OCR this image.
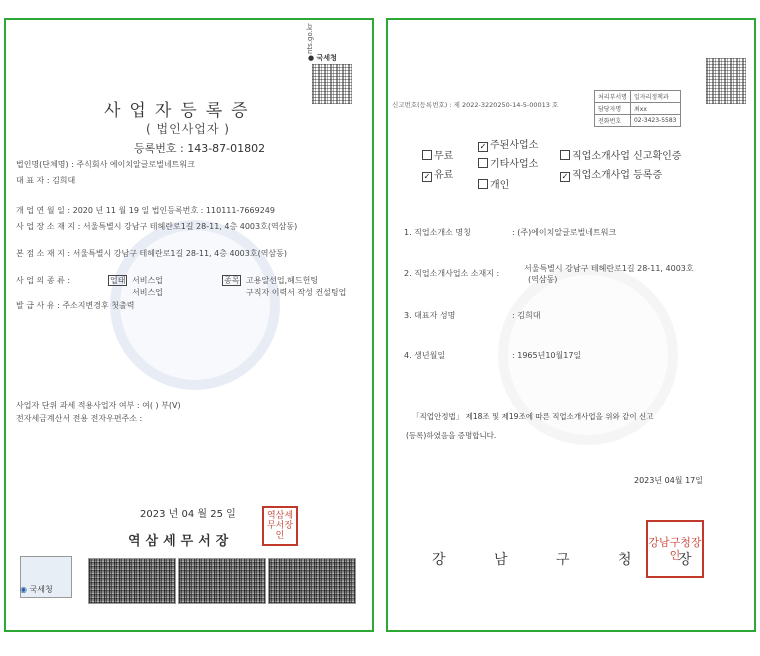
nts.go.kr
● 국세청
사업자등록증
( 법인사업자 )
등록번호 : 143-87-01802
법인명(단체명) : 주식회사 에이치알글로벌네트워크
대 표 자 : 김희대
개 업 연 월 일 : 2020 년 11 월 19 일 법인등록번호 : 110111-7669249
사 업 장 소 재 지 : 서울특별시 강남구 테헤란로1길 28-11, 4층 4003호(역삼동)
본 점 소 재 지 : 서울특별시 강남구 테헤란로1길 28-11, 4층 4003호(역삼동)
사 업 의 종 류 :	업태 서비스업
서비스업
종목 고용알선업,헤드헌팅
구직자 이력서 작성 컨설팅업
발 급 사 유 : 주소지변경후 첫출력
사업자 단위 과세 적용사업자 여부 : 여( ) 부(V)
전자세금계산서 전용 전자우편주소 :
2023 년 04 월 25 일
역삼세무서장
역삼세무서장인
◉ 국세청
신고번호(등록번호) : 제 2022-3220250-14-5-00013 호
처리부서명	일자리정책과
담당자명	최xx
전화번호	02-3423-5583
무료
✓ 유료
✓ 주된사업소
기타사업소
개인
직업소개사업 신고확인증
✓ 직업소개사업 등록증
1. 직업소개소 명칭	: (주)에이치알글로벌네트워크
2. 직업소개사업소 소재지 :
서울특별시 강남구 테헤란로1길 28-11, 4003호
(역삼동)
3. 대표자 성명	: 김희대
4. 생년월일	: 1965년10월17일
「직업안정법」 제18조 및 제19조에 따른 직업소개사업을 위와 같이 신고
(등록)하였음을 증명합니다.
2023년 04월 17일
강	남	구	청
강남구청장인
장
